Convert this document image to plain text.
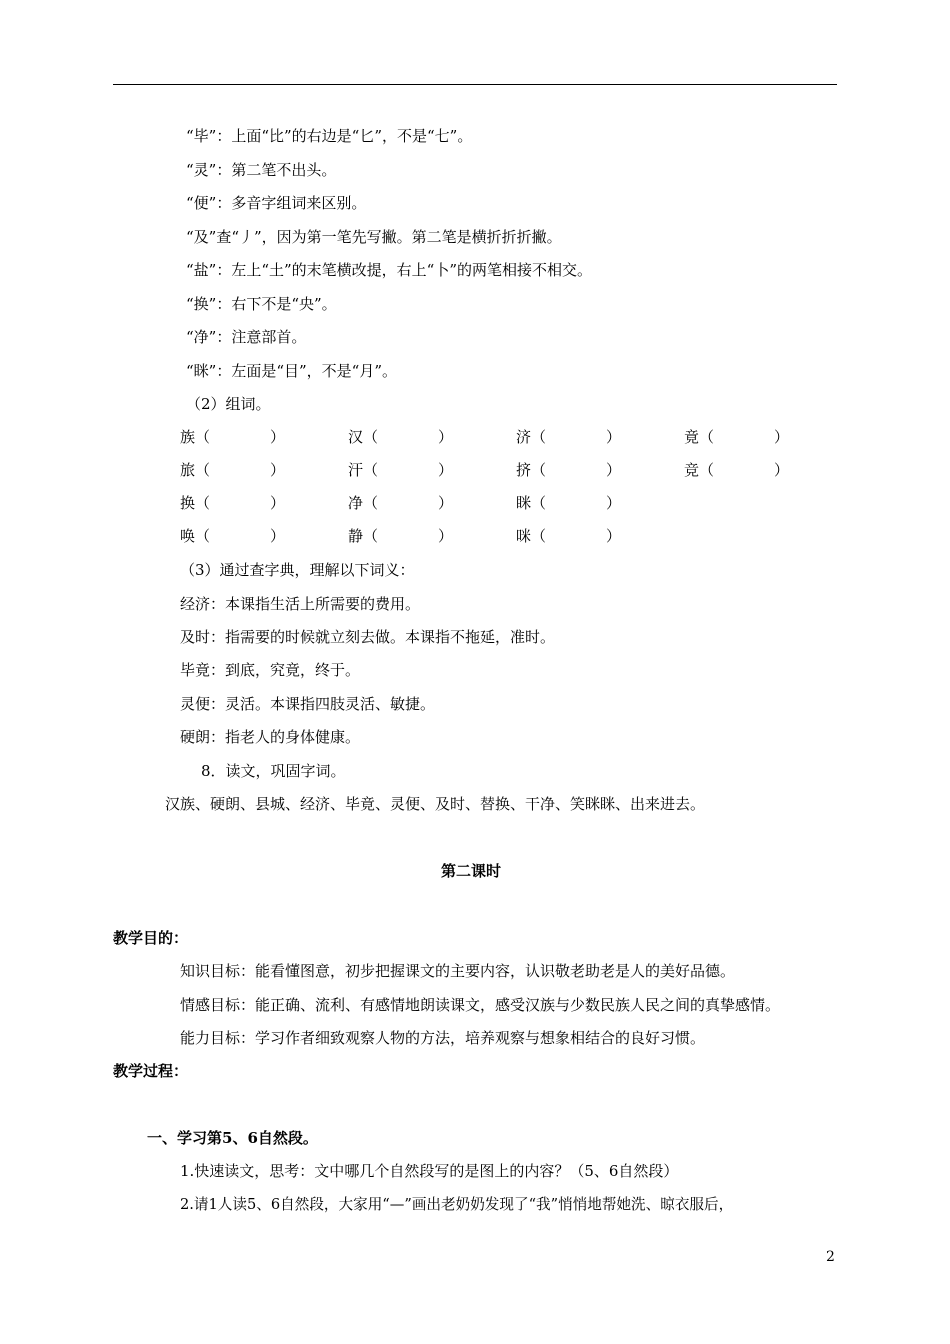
“毕”：上面“比”的右边是“匕”，不是“七”。
“灵”：第二笔不出头。
“便”：多音字组词来区别。
“及”查“丿”，因为第一笔先写撇。第二笔是横折折折撇。
“盐”：左上“土”的末笔横改提，右上“卜”的两笔相接不相交。
“换”：右下不是“央”。
“净”：注意部首。
“眯”：左面是“目”，不是“月”。
（2）组词。
族（　　　　）	汉（　　　　）	济（　　　　）	竟（　　　　）
旅（　　　　）	汗（　　　　）	挤（　　　　）	竞（　　　　）
换（　　　　）	净（　　　　）	眯（　　　　）
唤（　　　　）	静（　　　　）	咪（　　　　）
（3）通过查字典，理解以下词义：
经济：本课指生活上所需要的费用。
及时：指需要的时候就立刻去做。本课指不拖延，准时。
毕竟：到底，究竟，终于。
灵便：灵活。本课指四肢灵活、敏捷。
硬朗：指老人的身体健康。
8．读文，巩固字词。
汉族、硬朗、县城、经济、毕竟、灵便、及时、替换、干净、笑眯眯、出来进去。
第二课时
教学目的：
知识目标：能看懂图意，初步把握课文的主要内容，认识敬老助老是人的美好品德。
情感目标：能正确、流利、有感情地朗读课文，感受汉族与少数民族人民之间的真挚感情。
能力目标：学习作者细致观察人物的方法，培养观察与想象相结合的良好习惯。
教学过程：
一、学习第5、6自然段。
1.快速读文，思考：文中哪几个自然段写的是图上的内容？（5、6自然段）
2.请1人读5、6自然段，大家用“—”画出老奶奶发现了“我”悄悄地帮她洗、晾衣服后，
2
